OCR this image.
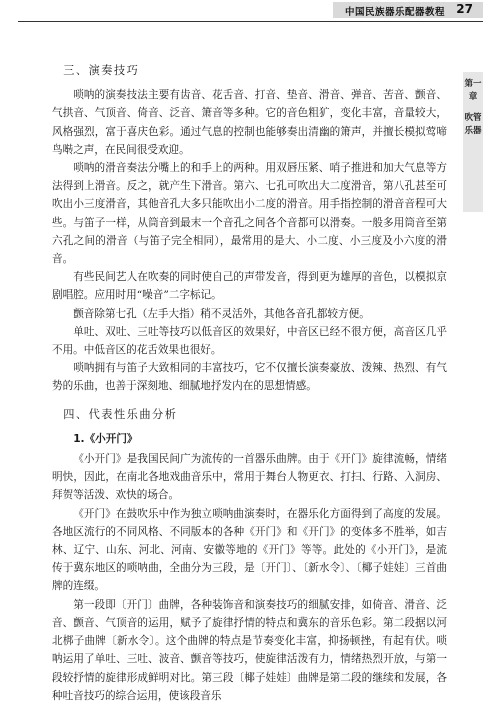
中国民族器乐配器教程 27
第一章
吹管乐器
三、演奏技巧

唢呐的演奏技法主要有齿音、花舌音、打音、垫音、滑音、弹音、苦音、颤音、气拱音、气顶音、倚音、泛音、箫音等多种。它的音色粗犷，变化丰富，音量较大，风格强烈，富于喜庆色彩。通过气息的控制也能够奏出清幽的箫声，并擅长模拟莺啼鸟啭之声，在民间很受欢迎。

唢呐的滑音奏法分嘴上的和手上的两种。用双唇压紧、哨子推进和加大气息等方法得到上滑音。反之，就产生下滑音。第六、七孔可吹出大二度滑音，第八孔甚至可吹出小三度滑音，其他音孔大多只能吹出小二度的滑音。用手指控制的滑音音程可大些。与笛子一样，从筒音到最末一个音孔之间各个音都可以滑奏。一般多用筒音至第六孔之间的滑音（与笛子完全相同），最常用的是大、小二度、小三度及小六度的滑音。

有些民间艺人在吹奏的同时使自己的声带发音，得到更为雄厚的音色，以模拟京剧唱腔。应用时用“噪音”二字标记。

颤音除第七孔（左手大指）稍不灵活外，其他各音孔都较方便。

单吐、双吐、三吐等技巧以低音区的效果好，中音区已经不很方便，高音区几乎不用。中低音区的花舌效果也很好。

唢呐拥有与笛子大致相同的丰富技巧，它不仅擅长演奏豪放、泼辣、热烈、有气势的乐曲，也善于深刻地、细腻地抒发内在的思想情感。

四、代表性乐曲分析
1.《小开门》

《小开门》是我国民间广为流传的一首器乐曲牌。由于《开门》旋律流畅，情绪明快，因此，在南北各地戏曲音乐中，常用于舞台人物更衣、打扫、行路、入洞房、拜贺等活泼、欢快的场合。

《开门》在鼓吹乐中作为独立唢呐曲演奏时，在器乐化方面得到了高度的发展。各地区流行的不同风格、不同版本的各种《开门》和《开门》的变体多不胜举，如吉林、辽宁、山东、河北、河南、安徽等地的《开门》等等。此处的《小开门》，是流传于冀东地区的唢呐曲，全曲分为三段，是〔开门〕、〔新水令〕、〔椰子娃娃〕三首曲牌的连缀。

第一段即〔开门〕曲牌，各种装饰音和演奏技巧的细腻安排，如倚音、滑音、泛音、颤音、气顶音的运用，赋予了旋律抒情的特点和冀东的音乐色彩。第二段据以河北梆子曲牌〔新水令〕。这个曲牌的特点是节奏变化丰富，抑扬顿挫，有起有伏。唢呐运用了单吐、三吐、波音、颤音等技巧，使旋律活泼有力，情绪热烈开放，与第一段较抒情的旋律形成鲜明对比。第三段〔椰子娃娃〕曲牌是第二段的继续和发展，各种吐音技巧的综合运用，使该段音乐
